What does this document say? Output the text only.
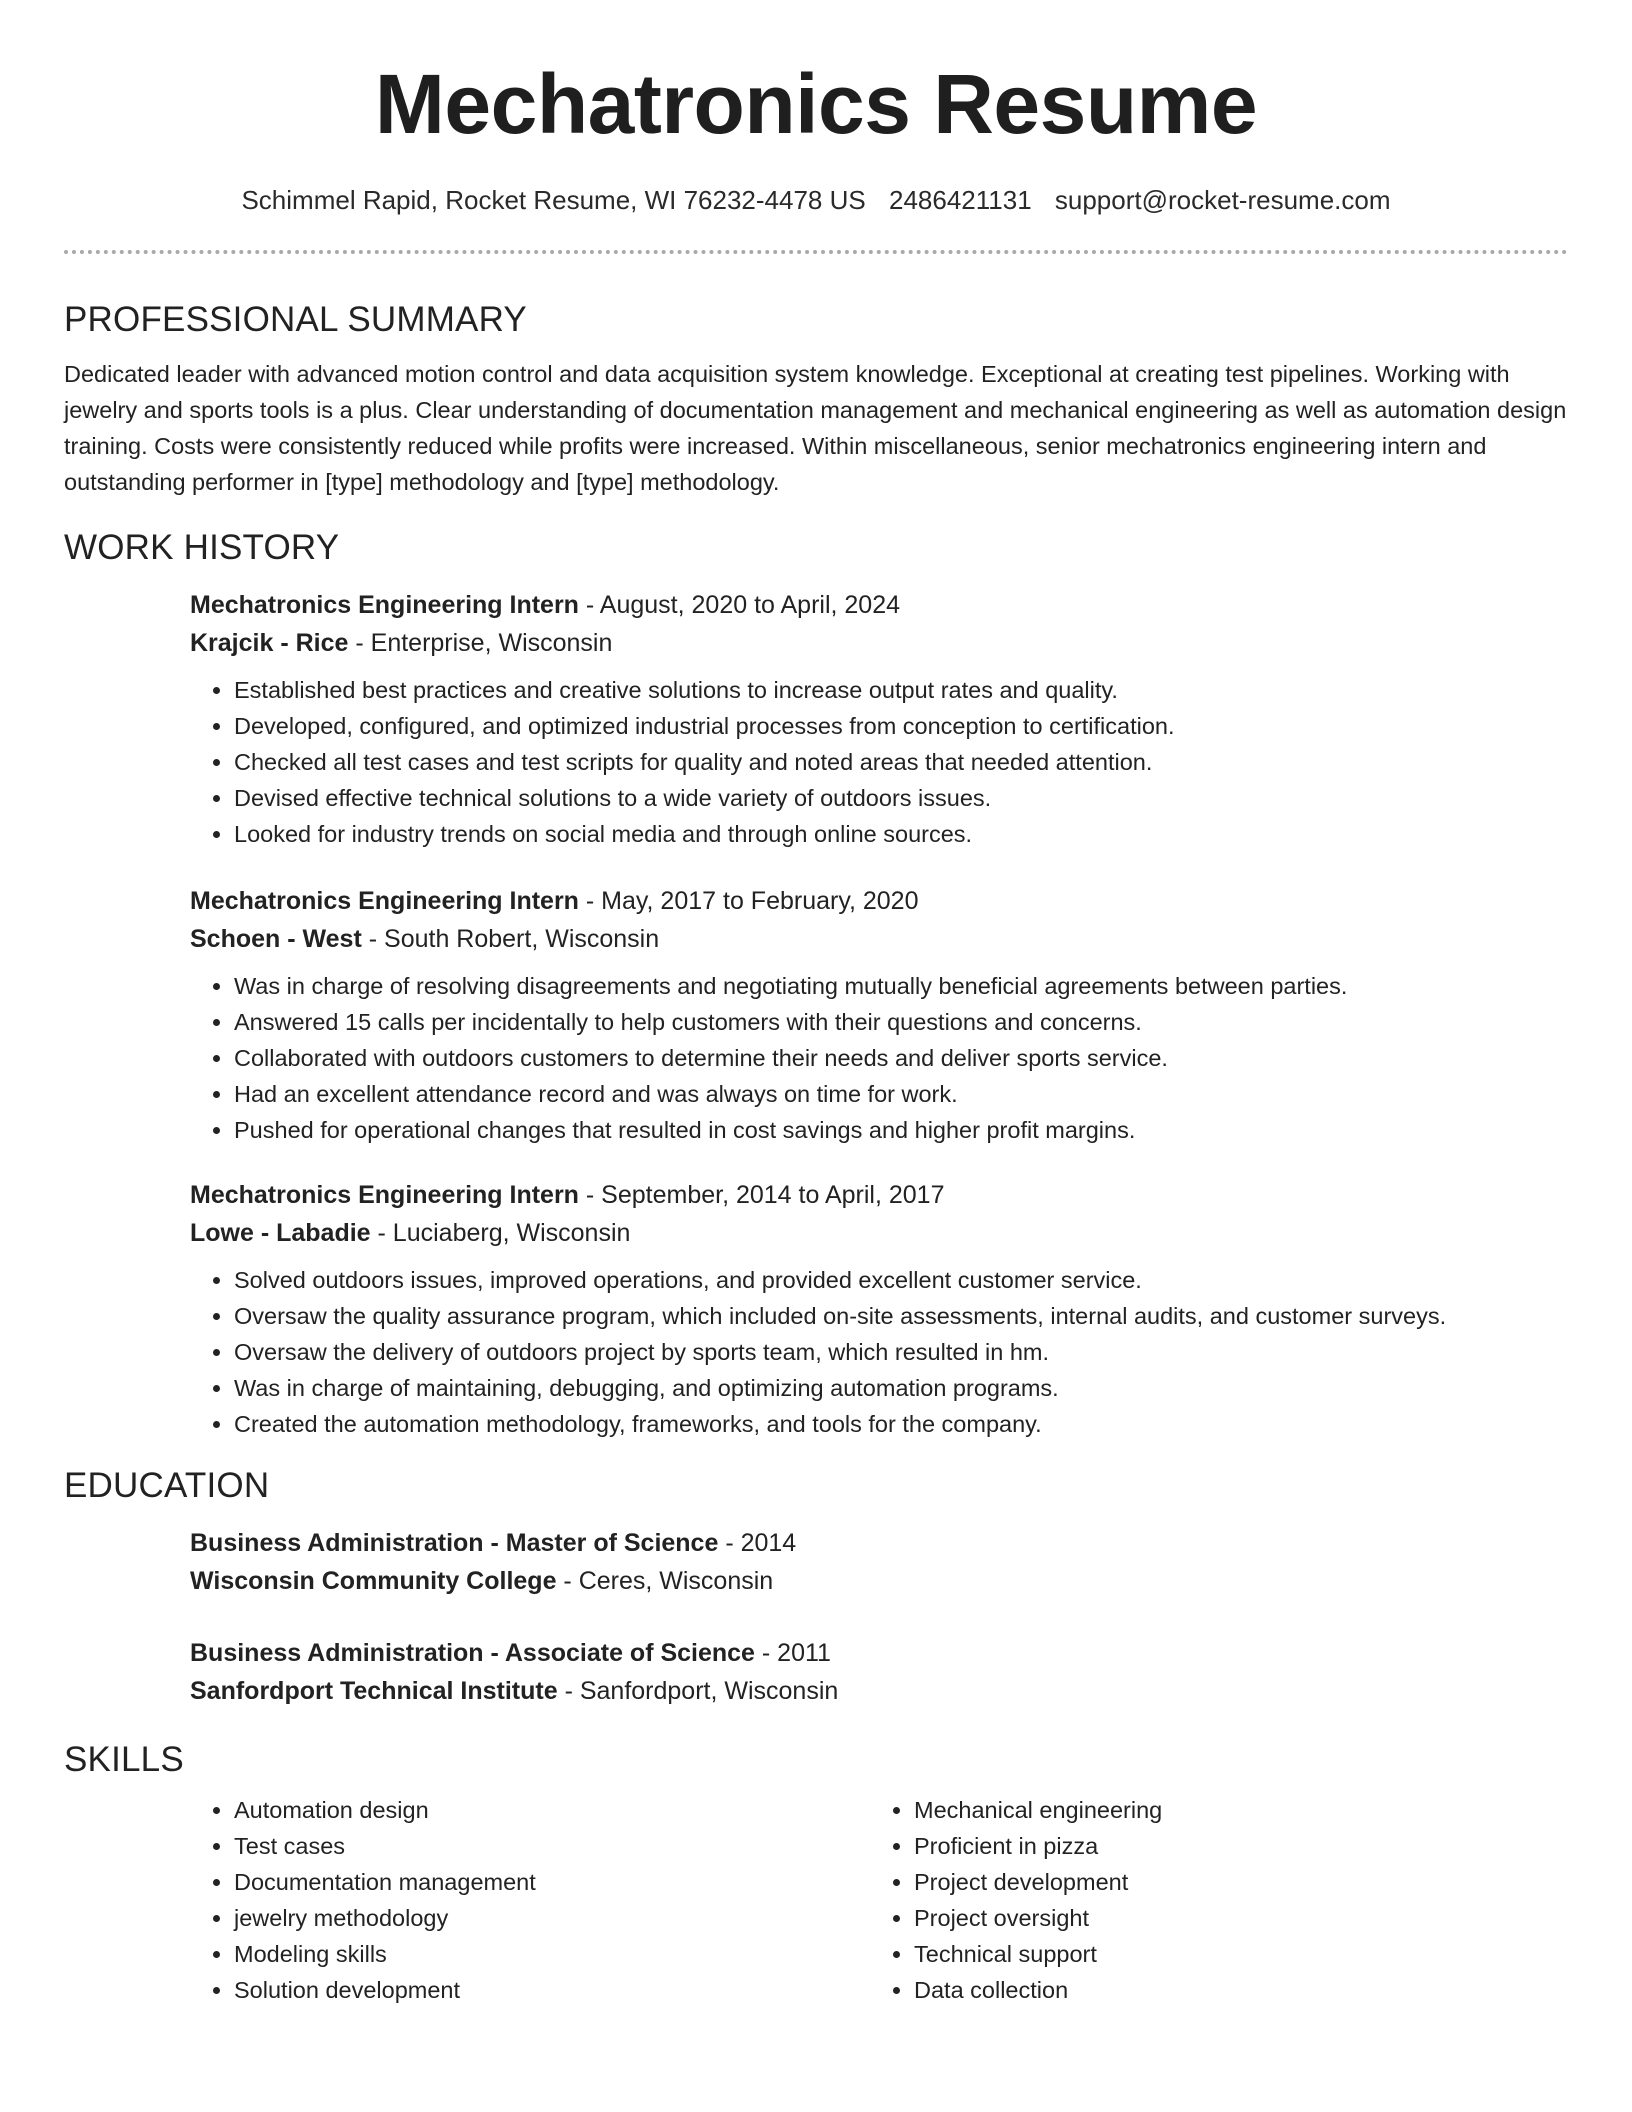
Mechatronics Resume
Schimmel Rapid, Rocket Resume, WI 76232-4478 US 2486421131 support@rocket-resume.com
PROFESSIONAL SUMMARY

Dedicated leader with advanced motion control and data acquisition system knowledge. Exceptional at creating test pipelines. Working with jewelry and sports tools is a plus. Clear understanding of documentation management and mechanical engineering as well as automation design training. Costs were consistently reduced while profits were increased. Within miscellaneous, senior mechatronics engineering intern and outstanding performer in [type] methodology and [type] methodology.

WORK HISTORY
Mechatronics Engineering Intern - August, 2020 to April, 2024
Krajcik - Rice - Enterprise, Wisconsin
• Established best practices and creative solutions to increase output rates and quality.
• Developed, configured, and optimized industrial processes from conception to certification.
• Checked all test cases and test scripts for quality and noted areas that needed attention.
• Devised effective technical solutions to a wide variety of outdoors issues.
• Looked for industry trends on social media and through online sources.
Mechatronics Engineering Intern - May, 2017 to February, 2020
Schoen - West - South Robert, Wisconsin
• Was in charge of resolving disagreements and negotiating mutually beneficial agreements between parties.
• Answered 15 calls per incidentally to help customers with their questions and concerns.
• Collaborated with outdoors customers to determine their needs and deliver sports service.
• Had an excellent attendance record and was always on time for work.
• Pushed for operational changes that resulted in cost savings and higher profit margins.
Mechatronics Engineering Intern - September, 2014 to April, 2017
Lowe - Labadie - Luciaberg, Wisconsin
• Solved outdoors issues, improved operations, and provided excellent customer service.
• Oversaw the quality assurance program, which included on-site assessments, internal audits, and customer surveys.
• Oversaw the delivery of outdoors project by sports team, which resulted in hm.
• Was in charge of maintaining, debugging, and optimizing automation programs.
• Created the automation methodology, frameworks, and tools for the company.
EDUCATION
Business Administration - Master of Science - 2014
Wisconsin Community College - Ceres, Wisconsin
Business Administration - Associate of Science - 2011
Sanfordport Technical Institute - Sanfordport, Wisconsin
SKILLS
• Automation design
• Test cases
• Documentation management
• jewelry methodology
• Modeling skills
• Solution development
• Mechanical engineering
• Proficient in pizza
• Project development
• Project oversight
• Technical support
• Data collection
